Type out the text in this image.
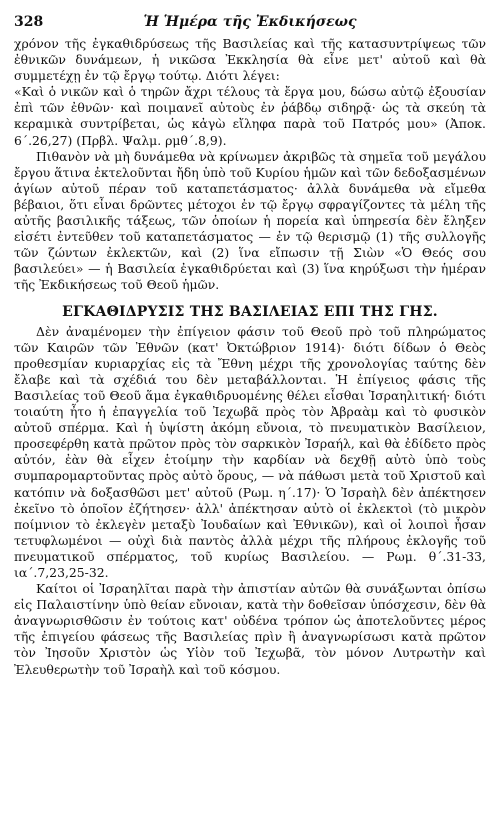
328	Ἡ Ἡμέρα τῆς Ἐκδικήσεως

χρόνον τῆς ἐγκαθιδρύσεως τῆς Βασιλείας καὶ τῆς κατασυντρίψεως τῶν ἐθνικῶν δυνάμεων, ἡ νικῶσα Ἐκκλησία θὰ εἶνε μετ' αὐτοῦ καὶ θὰ συμμετέχῃ ἐν τῷ ἔργῳ τούτῳ. Διότι λέγει:

«Καὶ ὁ νικῶν καὶ ὁ τηρῶν ἄχρι τέλους τὰ ἔργα μου, δώσω αὐτῷ ἐξουσίαν ἐπὶ τῶν ἐθνῶν· καὶ ποιμανεῖ αὐτοὺς ἐν ῥάβδῳ σιδηρᾷ· ὡς τὰ σκεύη τὰ κεραμικὰ συντρίβεται, ὡς κἀγὼ εἴληφα παρὰ τοῦ Πατρός μου» (Ἀποκ. 6΄.26,27) (Πρβλ. Ψαλμ. ρμθ΄.8,9).

Πιθανὸν νὰ μὴ δυνάμεθα νὰ κρίνωμεν ἀκριβῶς τὰ σημεῖα τοῦ μεγάλου ἔργου ἅτινα ἐκτελοῦνται ἤδη ὑπὸ τοῦ Κυρίου ἡμῶν καὶ τῶν δεδοξασμένων ἁγίων αὐτοῦ πέραν τοῦ καταπετάσματος· ἀλλὰ δυνάμεθα νὰ εἴμεθα βέβαιοι, ὅτι εἶναι δρῶντες μέτοχοι ἐν τῷ ἔργῳ σφραγίζοντες τὰ μέλη τῆς αὐτῆς βασιλικῆς τάξεως, τῶν ὁποίων ἡ πορεία καὶ ὑπηρεσία δὲν ἔληξεν εἰσέτι ἐντεῦθεν τοῦ καταπετάσματος — ἐν τῷ θερισμῷ (1) τῆς συλλογῆς τῶν ζώντων ἐκλεκτῶν, καὶ (2) ἵνα εἴπωσιν τῇ Σιὼν «Ὁ Θεός σου βασιλεύει» — ἡ Βασιλεία ἐγκαθιδρύεται καὶ (3) ἵνα κηρύξωσι τὴν ἡμέραν τῆς Ἐκδικήσεως τοῦ Θεοῦ ἡμῶν.

ΕΓΚΑΘΙΔΡΥΣΙΣ ΤΗΣ ΒΑΣΙΛΕΙΑΣ ΕΠΙ ΤΗΣ ΓΗΣ.

Δὲν ἀναμένομεν τὴν ἐπίγειον φάσιν τοῦ Θεοῦ πρὸ τοῦ πληρώματος τῶν Καιρῶν τῶν Ἐθνῶν (κατ' Ὀκτώβριον 1914)· διότι δίδων ὁ Θεὸς προθεσμίαν κυριαρχίας εἰς τὰ Ἔθνη μέχρι τῆς χρονολογίας ταύτης δὲν ἔλαβε καὶ τὰ σχέδιά του δὲν μεταβάλλονται. Ἡ ἐπίγειος φάσις τῆς Βασιλείας τοῦ Θεοῦ ἅμα ἐγκαθιδρυομένης θέλει εἶσθαι Ἰσραηλιτική· διότι τοιαύτη ἦτο ἡ ἐπαγγελία τοῦ Ἰεχωβᾶ πρὸς τὸν Ἀβραὰμ καὶ τὸ φυσικὸν αὐτοῦ σπέρμα. Καὶ ἡ ὑψίστη ἀκόμη εὔνοια, τὸ πνευματικὸν Βασίλειον, προσεφέρθη κατὰ πρῶτον πρὸς τὸν σαρκικὸν Ἰσραήλ, καὶ θὰ ἐδίδετο πρὸς αὐτόν, ἐὰν θὰ εἶχεν ἑτοίμην τὴν καρδίαν νὰ δεχθῇ αὐτὸ ὑπὸ τοὺς συμπαρομαρτοῦντας πρὸς αὐτὸ ὅρους, — νὰ πάθωσι μετὰ τοῦ Χριστοῦ καὶ κατόπιν νὰ δοξασθῶσι μετ' αὐτοῦ (Ρωμ. η΄.17)· Ὁ Ἰσραὴλ δὲν ἀπέκτησεν ἐκεῖνο τὸ ὁποῖον ἐζήτησεν· ἀλλ' ἀπέκτησαν αὐτὸ οἱ ἐκλεκτοὶ (τὸ μικρὸν ποίμνιον τὸ ἐκλεγὲν μεταξὺ Ἰουδαίων καὶ Ἐθνικῶν), καὶ οἱ λοιποὶ ἦσαν τετυφλωμένοι — οὐχὶ διὰ παντὸς ἀλλὰ μέχρι τῆς πλήρους ἐκλογῆς τοῦ πνευματικοῦ σπέρματος, τοῦ κυρίως Βασιλείου. — Ρωμ. θ΄.31-33, ια΄.7,23,25-32.

Καίτοι οἱ Ἰσραηλῖται παρὰ τὴν ἀπιστίαν αὐτῶν θὰ συνάξωνται ὀπίσω εἰς Παλαιστίνην ὑπὸ θείαν εὔνοιαν, κατὰ τὴν δοθεῖσαν ὑπόσχεσιν, δὲν θὰ ἀναγνωρισθῶσιν ἐν τούτοις κατ' οὐδένα τρόπον ὡς ἀποτελοῦντες μέρος τῆς ἐπιγείου φάσεως τῆς Βασιλείας πρὶν ἢ ἀναγνωρίσωσι κατὰ πρῶτον τὸν Ἰησοῦν Χριστὸν ὡς Υἱὸν τοῦ Ἰεχωβᾶ, τὸν μόνον Λυτρωτὴν καὶ Ἐλευθερωτὴν τοῦ Ἰσραὴλ καὶ τοῦ κόσμου.
